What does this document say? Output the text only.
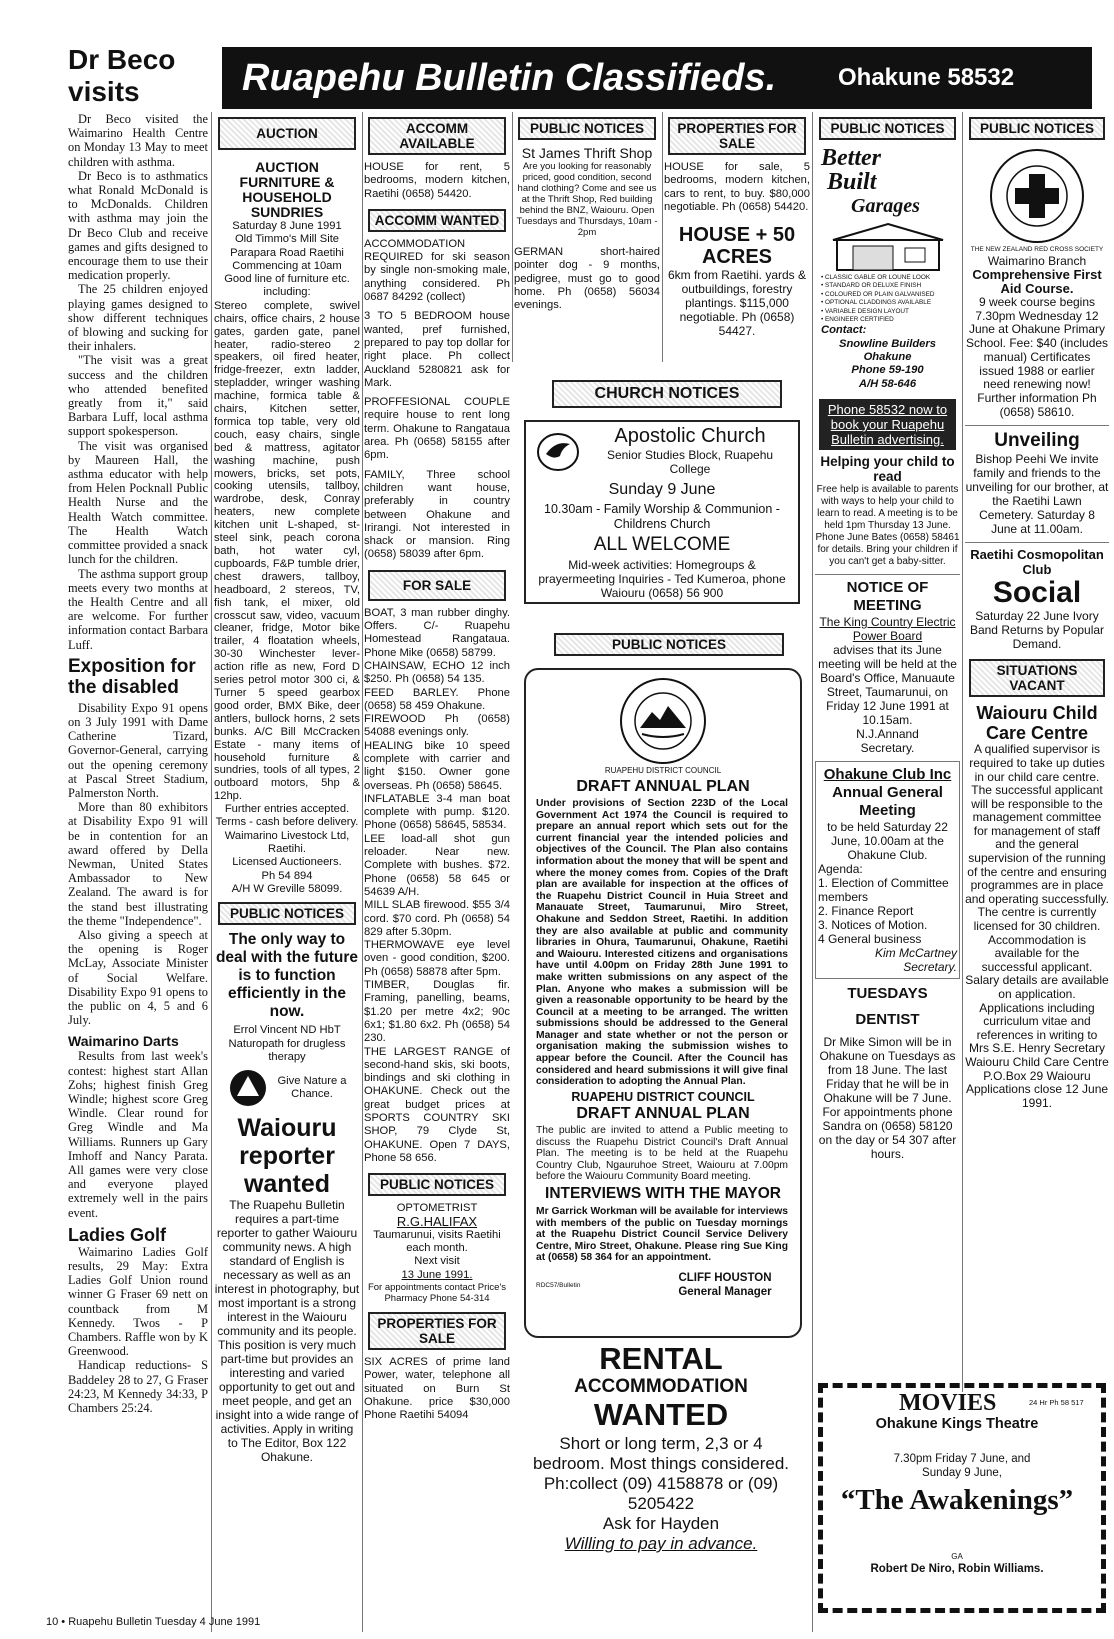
Ruapehu Bulletin Classifieds.	Ohakune 58532
Dr Beco visits

Dr Beco visited the Waimarino Health Centre on Monday 13 May to meet children with asthma.

Dr Beco is to asthmatics what Ronald McDonald is to McDonalds. Children with asthma may join the Dr Beco Club and receive games and gifts designed to encourage them to use their medication properly.

The 25 children enjoyed playing games designed to show different techniques of blowing and sucking for their inhalers.

"The visit was a great success and the children who attended benefited greatly from it," said Barbara Luff, local asthma support spokesperson.

The visit was organised by Maureen Hall, the asthma educator with help from Helen Pocknall Public Health Nurse and the Health Watch committee. The Health Watch committee provided a snack lunch for the children.

The asthma support group meets every two months at the Health Centre and all are welcome. For further information contact Barbara Luff.

Exposition for the disabled

Disability Expo 91 opens on 3 July 1991 with Dame Catherine Tizard, Governor-General, carrying out the opening ceremony at Pascal Street Stadium, Palmerston North.

More than 80 exhibitors at Disability Expo 91 will be in contention for an award offered by Della Newman, United States Ambassador to New Zealand. The award is for the stand best illustrating the theme "Independence".

Also giving a speech at the opening is Roger McLay, Associate Minister of Social Welfare. Disability Expo 91 opens to the public on 4, 5 and 6 July.

Waimarino Darts

Results from last week's contest: highest start Allan Zohs; highest finish Greg Windle; highest score Greg Windle. Clear round for Greg Windle and Ma Williams. Runners up Gary Imhoff and Nancy Parata. All games were very close and everyone played extremely well in the pairs event.

Ladies Golf

Waimarino Ladies Golf results, 29 May: Extra Ladies Golf Union round winner G Fraser 69 nett on countback from M Kennedy. Twos - P Chambers. Raffle won by K Greenwood.

Handicap reductions- S Baddeley 28 to 27, G Fraser 24:23, M Kennedy 34:33, P Chambers 25:24.

10 • Ruapehu Bulletin Tuesday 4 June 1991
AUCTION
AUCTION FURNITURE & HOUSEHOLD SUNDRIES

Saturday 8 June 1991

Old Timmo's Mill Site Parapara Road Raetihi

Commencing at 10am

Good line of furniture etc. including:

Stereo complete, swivel chairs, office chairs, 2 house gates, garden gate, panel heater, radio-stereo 2 speakers, oil fired heater, fridge-freezer, extn ladder, stepladder, wringer washing machine, formica table & chairs, Kitchen setter, formica top table, very old couch, easy chairs, single bed & mattress, agitator washing machine, push mowers, bricks, set pots, cooking utensils, tallboy, wardrobe, desk, Conray heaters, new complete kitchen unit L-shaped, st-steel sink, peach corona bath, hot water cyl, cupboards, F&P tumble drier, chest drawers, tallboy, headboard, 2 stereos, TV, fish tank, el mixer, old crosscut saw, video, vacuum cleaner, fridge, Motor bike trailer, 4 floatation wheels, 30-30 Winchester lever-action rifle as new, Ford D series petrol motor 300 ci, & Turner 5 speed gearbox good order, BMX Bike, deer antlers, bullock horns, 2 sets bunks. A/C Bill McCracken Estate - many items of household furniture & sundries, tools of all types, 2 outboard motors, 5hp & 12hp.

Further entries accepted.

Terms - cash before delivery.

Waimarino Livestock Ltd, Raetihi.

Licensed Auctioneers.

Ph 54 894

A/H W Greville 58099.

PUBLIC NOTICES
The only way to deal with the future is to function efficiently in the now.

Errol Vincent ND HbT

Naturopath for drugless therapy

Give Nature a Chance.

Waiouru reporter wanted

The Ruapehu Bulletin requires a part-time reporter to gather Waiouru community news. A high standard of English is necessary as well as an interest in photography, but most important is a strong interest in the Waiouru community and its people. This position is very much part-time but provides an interesting and varied opportunity to get out and meet people, and get an insight into a wide range of activities. Apply in writing to The Editor, Box 122 Ohakune.

ACCOMM AVAILABLE

HOUSE for rent, 5 bedrooms, modern kitchen, Raetihi (0658) 54420.

ACCOMM WANTED

ACCOMMODATION REQUIRED for ski season by single non-smoking male, anything considered. Ph 0687 84292 (collect)

3 TO 5 BEDROOM house wanted, pref furnished, prepared to pay top dollar for right place. Ph collect Auckland 5280821 ask for Mark.

PROFFESIONAL COUPLE require house to rent long term. Ohakune to Rangataua area. Ph (0658) 58155 after 6pm.

FAMILY, Three school children want house, preferably in country between Ohakune and Irirangi. Not interested in shack or mansion. Ring (0658) 58039 after 6pm.

FOR SALE

BOAT, 3 man rubber dinghy. Offers. C/- Ruapehu Homestead Rangataua. Phone Mike (0658) 58799.

CHAINSAW, ECHO 12 inch $250. Ph (0658) 54 135.

FEED BARLEY. Phone (0658) 58 459 Ohakune.

FIREWOOD Ph (0658) 54088 evenings only.

HEALING bike 10 speed complete with carrier and light $150. Owner gone overseas. Ph (0658) 58645.

INFLATABLE 3-4 man boat complete with pump. $120. Phone (0658) 58645, 58534.

LEE load-all shot gun reloader. Near new. Complete with bushes. $72. Phone (0658) 58 645 or 54639 A/H.

MILL SLAB firewood. $55 3/4 cord. $70 cord. Ph (0658) 54 829 after 5.30pm.

THERMOWAVE eye level oven - good condition, $200. Ph (0658) 58878 after 5pm.

TIMBER, Douglas fir. Framing, panelling, beams, $1.20 per metre 4x2; 90c 6x1; $1.80 6x2. Ph (0658) 54 230.

THE LARGEST RANGE of second-hand skis, ski boots, bindings and ski clothing in OHAKUNE. Check out the great budget prices at SPORTS COUNTRY SKI SHOP, 79 Clyde St, OHAKUNE. Open 7 DAYS, Phone 58 656.

PUBLIC NOTICES

OPTOMETRIST

R.G.HALIFAX

Taumarunui, visits Raetihi each month.

Next visit

13 June 1991.

For appointments contact Price's Pharmacy Phone 54-314

PROPERTIES FOR SALE

SIX ACRES of prime land Power, water, telephone all situated on Burn St Ohakune. price $30,000 Phone Raetihi 54094

PUBLIC NOTICES
St James Thrift Shop

Are you looking for reasonably priced, good condition, second hand clothing? Come and see us at the Thrift Shop, Red building behind the BNZ, Waiouru. Open Tuesdays and Thursdays, 10am - 2pm

GERMAN short-haired pointer dog - 9 months, pedigree, must go to good home. Ph (0658) 56034 evenings.

PROPERTIES FOR SALE

HOUSE for sale, 5 bedrooms, modern kitchen, cars to rent, to buy. $80,000 negotiable. Ph (0658) 54420.

HOUSE + 50 ACRES

6km from Raetihi. yards & outbuildings, forestry plantings. $115,000 negotiable. Ph (0658) 54427.

CHURCH NOTICES
Apostolic Church
Senior Studies Block, Ruapehu College
Sunday 9 June
10.30am - Family Worship & Communion - Childrens Church
ALL WELCOME
Mid-week activities: Homegroups & prayermeeting Inquiries - Ted Kumeroa, phone Waiouru (0658) 56 900
PUBLIC NOTICES
RUAPEHU DISTRICT COUNCIL
DRAFT ANNUAL PLAN
Under provisions of Section 223D of the Local Government Act 1974 the Council is required to prepare an annual report which sets out for the current financial year the intended policies and objectives of the Council. The Plan also contains information about the money that will be spent and where the money comes from. Copies of the Draft plan are available for inspection at the offices of the Ruapehu District Council in Huia Street and Manauate Street, Taumarunui, Miro Street, Ohakune and Seddon Street, Raetihi. In addition they are also available at public and community libraries in Ohura, Taumarunui, Ohakune, Raetihi and Waiouru. Interested citizens and organisations have until 4.00pm on Friday 28th June 1991 to make written submissions on any aspect of the Plan. Anyone who makes a submission will be given a reasonable opportunity to be heard by the Council at a meeting to be arranged. The written submissions should be addressed to the General Manager and state whether or not the person or organisation making the submission wishes to appear before the Council. After the Council has considered and heard submissions it will give final consideration to adopting the Annual Plan.
RUAPEHU DISTRICT COUNCIL
DRAFT ANNUAL PLAN
The public are invited to attend a Public meeting to discuss the Ruapehu District Council's Draft Annual Plan. The meeting is to be held at the Ruapehu Country Club, Ngauruhoe Street, Waiouru at 7.00pm before the Waiouru Community Board meeting.
INTERVIEWS WITH THE MAYOR
Mr Garrick Workman will be available for interviews with members of the public on Tuesday mornings at the Ruapehu District Council Service Delivery Centre, Miro Street, Ohakune. Please ring Sue King at (0658) 58 364 for an appointment.
RDC57/Bulletin
CLIFF HOUSTON
General Manager
RENTAL
ACCOMMODATION
WANTED
Short or long term, 2,3 or 4 bedroom. Most things considered. Ph:collect (09) 4158878 or (09) 5205422
Ask for Hayden
Willing to pay in advance.
PUBLIC NOTICES
Better
Built
Garages
• CLASSIC GABLE OR LOUNE LOOK
• STANDARD OR DELUXE FINISH
• COLOURED OR PLAIN GALVANISED
• OPTIONAL CLADDINGS AVAILABLE
• VARIABLE DESIGN LAYOUT
• ENGINEER CERTIFIED
Contact:
Snowline Builders Ohakune
Phone 59-190
A/H 58-646
Phone 58532 now to book your Ruapehu Bulletin advertising.
Helping your child to read

Free help is available to parents with ways to help your child to learn to read. A meeting is to be held 1pm Thursday 13 June. Phone June Bates (0658) 58461 for details. Bring your children if you can't get a baby-sitter.

NOTICE OF MEETING

The King Country Electric Power Board

advises that its June meeting will be held at the Board's Office, Manuaute Street, Taumarunui, on Friday 12 June 1991 at 10.15am.

N.J.Annand

Secretary.

Ohakune Club Inc
Annual General Meeting

to be held Saturday 22 June, 10.00am at the Ohakune Club.

Agenda:

1. Election of Committee members
2. Finance Report
3. Notices of Motion.
4 General business

Kim McCartney

Secretary.

TUESDAYS
DENTIST

Dr Mike Simon will be in Ohakune on Tuesdays as from 18 June. The last Friday that he will be in Ohakune will be 7 June. For appointments phone Sandra on (0658) 58120 on the day or 54 307 after hours.

PUBLIC NOTICES

THE NEW ZEALAND RED CROSS SOCIETY

Waimarino Branch

Comprehensive First Aid Course.

9 week course begins 7.30pm Wednesday 12 June at Ohakune Primary School. Fee: $40 (includes manual) Certificates issued 1988 or earlier need renewing now! Further information Ph (0658) 58610.

Unveiling

Bishop Peehi We invite family and friends to the unveiling for our brother, at the Raetihi Lawn Cemetery. Saturday 8 June at 11.00am.

Raetihi Cosmopolitan Club
Social

Saturday 22 June Ivory Band Returns by Popular Demand.

SITUATIONS VACANT
Waiouru Child Care Centre

A qualified supervisor is required to take up duties in our child care centre. The successful applicant will be responsible to the management committee for management of staff and the general supervision of the running of the centre and ensuring programmes are in place and operating successfully. The centre is currently licensed for 30 children. Accommodation is available for the successful applicant. Salary details are available on application. Applications including curriculum vitae and references in writing to Mrs S.E. Henry Secretary Waiouru Child Care Centre P.O.Box 29 Waiouru Applications close 12 June 1991.

MOVIES	24 Hr Ph 58 517
Ohakune Kings Theatre
7.30pm Friday 7 June, and Sunday 9 June,
“The Awakenings”
GA
Robert De Niro, Robin Williams.
